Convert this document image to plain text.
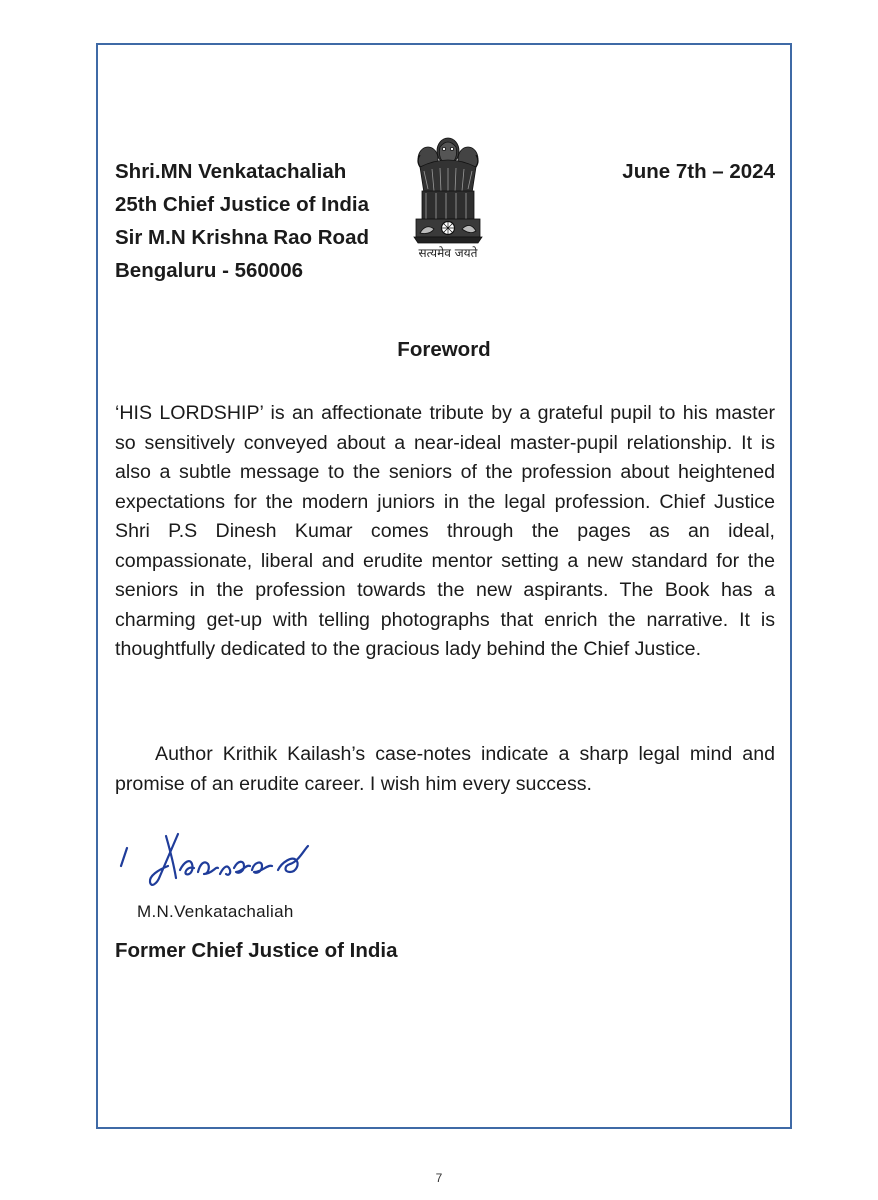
Shri.MN Venkatachaliah
25th Chief Justice of India
Sir M.N Krishna Rao Road
Bengaluru - 560006
सत्यमेव जयते
June 7th – 2024
Foreword

‘HIS LORDSHIP’ is an affectionate tribute by a grateful pupil to his master so sensitively conveyed about a near-ideal master-pupil relationship. It is also a subtle message to the seniors of the profession about heightened expectations for the modern juniors in the legal profession. Chief Justice Shri P.S Dinesh Kumar comes through the pages as an ideal, compassionate, liberal and erudite mentor setting a new standard for the seniors in the profession towards the new aspirants. The Book has a charming get-up with telling photographs that enrich the narrative. It is thoughtfully dedicated to the gracious lady behind the Chief Justice.

Author Krithik Kailash’s case-notes indicate a sharp legal mind and promise of an erudite career. I wish him every success.

M.N.Venkatachaliah
Former Chief Justice of India
7
